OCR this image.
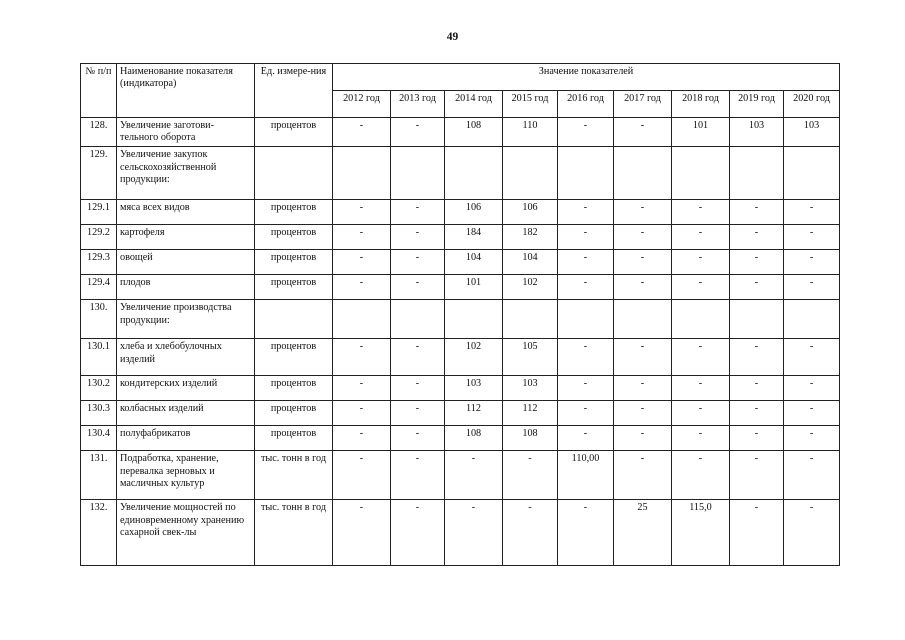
49
№ п/п	Наименование показателя (индикатора)	Ед. измере-ния	Значение показателей								
			2012 год	2013 год	2014 год	2015 год	2016 год	2017 год	2018 год	2019 год	2020 год
128.	Увеличение заготови-тельного оборота	процентов	-	-	108	110	-	-	101	103	103
129.	Увеличение закупок сельскохозяйственной продукции:										
129.1	мяса всех видов	процентов	-	-	106	106	-	-	-	-	-
129.2	картофеля	процентов	-	-	184	182	-	-	-	-	-
129.3	овощей	процентов	-	-	104	104	-	-	-	-	-
129.4	плодов	процентов	-	-	101	102	-	-	-	-	-
130.	Увеличение производства продукции:										
130.1	хлеба и хлебобулочных изделий	процентов	-	-	102	105	-	-	-	-	-
130.2	кондитерских изделий	процентов	-	-	103	103	-	-	-	-	-
130.3	колбасных изделий	процентов	-	-	112	112	-	-	-	-	-
130.4	полуфабрикатов	процентов	-	-	108	108	-	-	-	-	-
131.	Подработка, хранение, перевалка зерновых и масличных культур	тыс. тонн в год	-	-	-	-	110,00	-	-	-	-
132.	Увеличение мощностей по единовременному хранению сахарной свек-лы	тыс. тонн в год	-	-	-	-	-	25	115,0	-	-
